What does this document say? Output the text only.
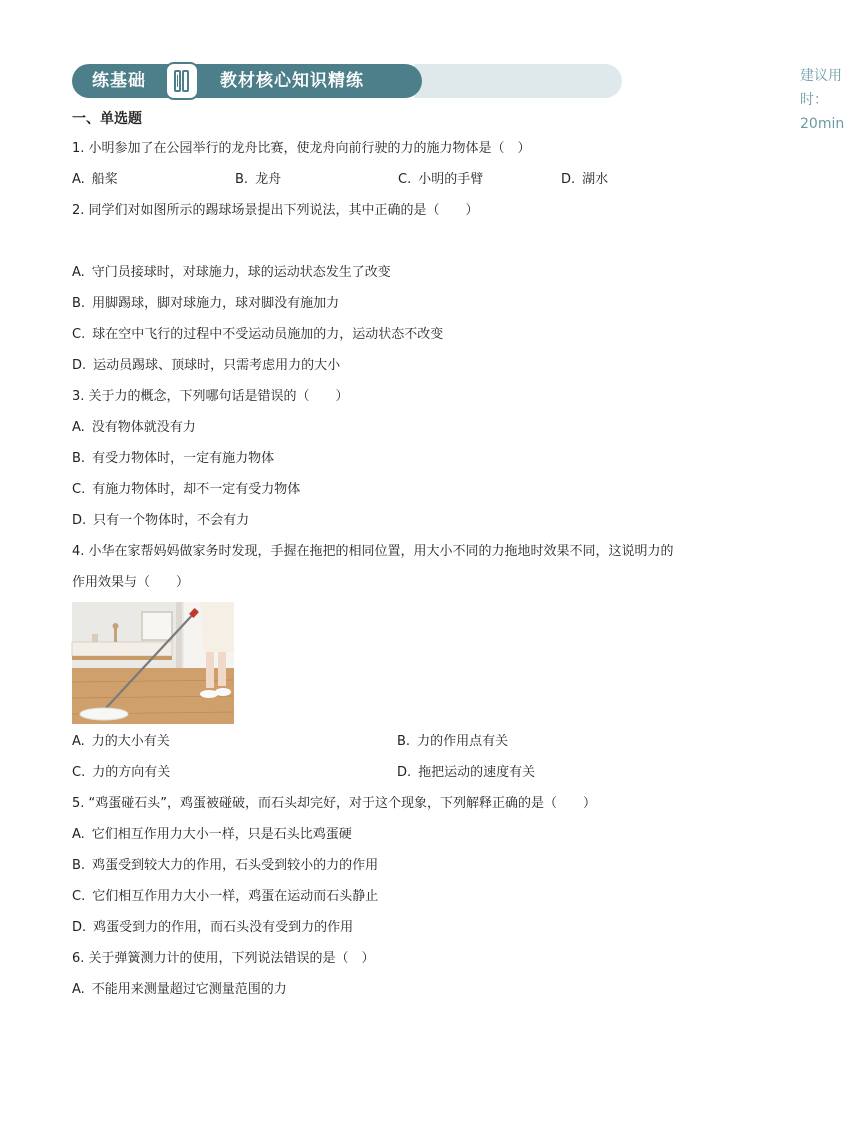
建议用时：20min
练基础	教材核心知识精练
一、单选题
1. 小明参加了在公园举行的龙舟比赛，使龙舟向前行驶的力的施力物体是（　）
A. 船桨	B. 龙舟	C. 小明的手臂	D. 湖水
2. 同学们对如图所示的踢球场景提出下列说法，其中正确的是（　　）
A. 守门员接球时，对球施力，球的运动状态发生了改变
B. 用脚踢球，脚对球施力，球对脚没有施加力
C. 球在空中飞行的过程中不受运动员施加的力，运动状态不改变
D. 运动员踢球、顶球时，只需考虑用力的大小
3. 关于力的概念，下列哪句话是错误的（　　）
A. 没有物体就没有力
B. 有受力物体时，一定有施力物体
C. 有施力物体时，却不一定有受力物体
D. 只有一个物体时，不会有力
4. 小华在家帮妈妈做家务时发现，手握在拖把的相同位置，用大小不同的力拖地时效果不同，这说明力的
作用效果与（　　）
A. 力的大小有关	B. 力的作用点有关
C. 力的方向有关	D. 拖把运动的速度有关
5. “鸡蛋碰石头”，鸡蛋被碰破，而石头却完好，对于这个现象，下列解释正确的是（　　）
A. 它们相互作用力大小一样，只是石头比鸡蛋硬
B. 鸡蛋受到较大力的作用，石头受到较小的力的作用
C. 它们相互作用力大小一样，鸡蛋在运动而石头静止
D. 鸡蛋受到力的作用，而石头没有受到力的作用
6. 关于弹簧测力计的使用，下列说法错误的是（　）
A. 不能用来测量超过它测量范围的力
